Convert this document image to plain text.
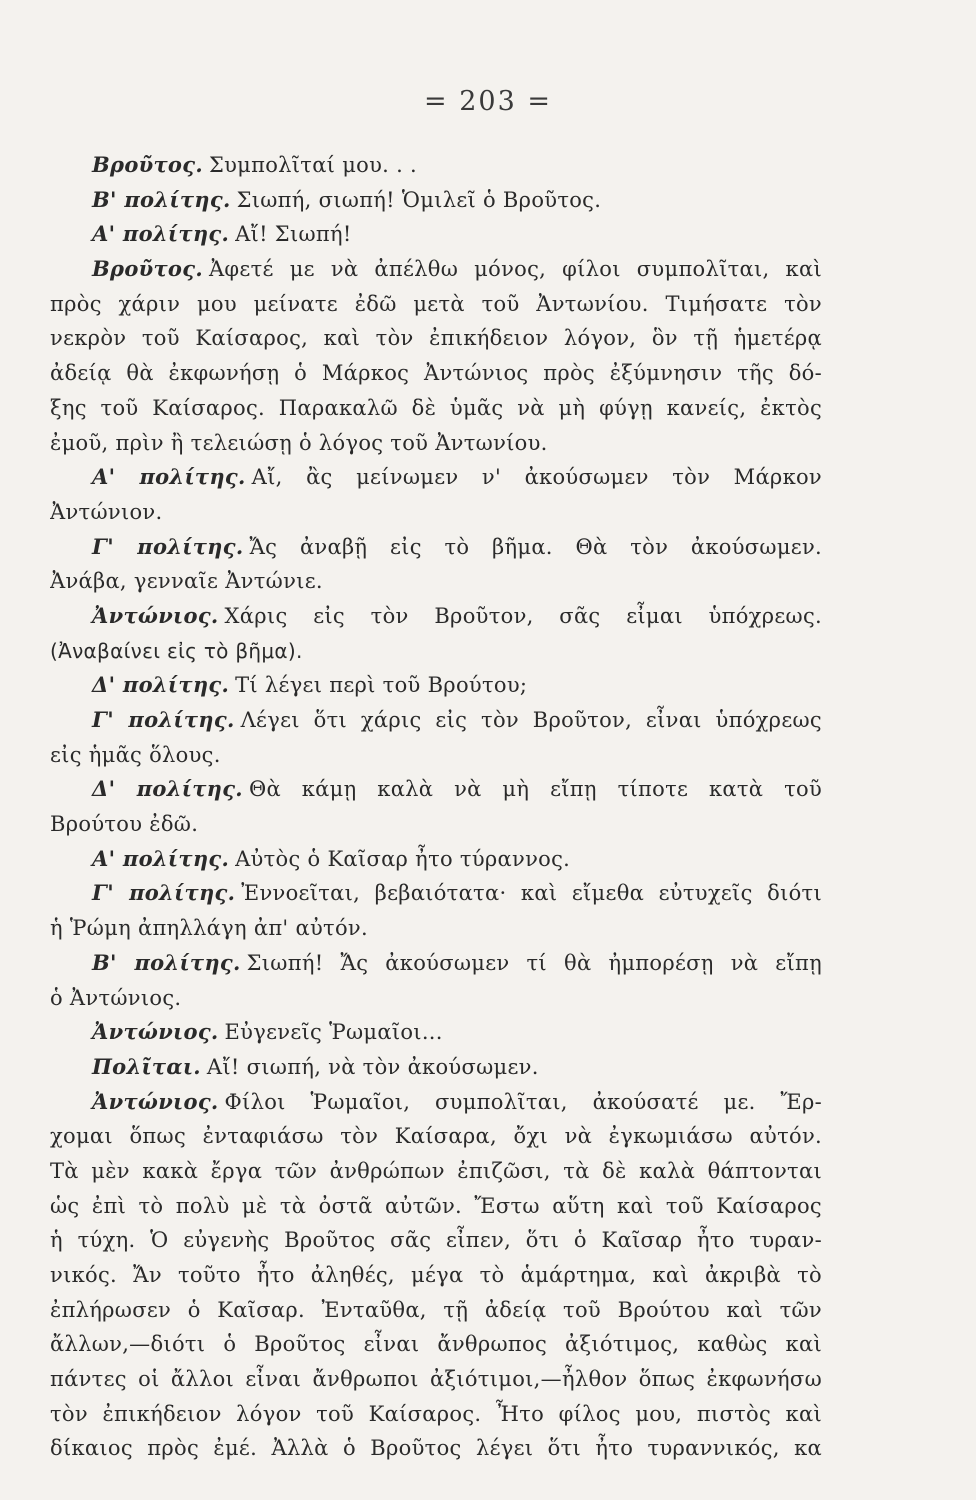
= 203 =
Βροῦτος. Συμπολῖταί μου. . .
Β' πολίτης. Σιωπή, σιωπή! Ὁμιλεῖ ὁ Βροῦτος.
Α' πολίτης. Αἴ! Σιωπή!
Βροῦτος. Ἀφετέ με νὰ ἀπέλθω μόνος, φίλοι συμπολῖται, καὶ
πρὸς χάριν μου μείνατε ἐδῶ μετὰ τοῦ Ἀντωνίου. Τιμήσατε τὸν
νεκρὸν τοῦ Καίσαρος, καὶ τὸν ἐπικήδειον λόγον, ὃν τῇ ἡμετέρᾳ
ἀδείᾳ θὰ ἐκφωνήσῃ ὁ Μάρκος Ἀντώνιος πρὸς ἐξύμνησιν τῆς δό-
ξης τοῦ Καίσαρος. Παρακαλῶ δὲ ὑμᾶς νὰ μὴ φύγῃ κανείς, ἐκτὸς
ἐμοῦ, πρὶν ἢ τελειώσῃ ὁ λόγος τοῦ Ἀντωνίου.
Α' πολίτης. Αἴ, ἂς μείνωμεν ν' ἀκούσωμεν τὸν Μάρκον
Ἀντώνιον.
Γ' πολίτης. Ἄς ἀναβῇ εἰς τὸ βῆμα. Θὰ τὸν ἀκούσωμεν.
Ἀνάβα, γενναῖε Ἀντώνιε.
Ἀντώνιος. Χάρις εἰς τὸν Βροῦτον, σᾶς εἶμαι ὑπόχρεως.
(Ἀναβαίνει εἰς τὸ βῆμα).
Δ' πολίτης. Τί λέγει περὶ τοῦ Βρούτου;
Γ' πολίτης. Λέγει ὅτι χάρις εἰς τὸν Βροῦτον, εἶναι ὑπόχρεως
εἰς ἡμᾶς ὅλους.
Δ' πολίτης. Θὰ κάμῃ καλὰ νὰ μὴ εἴπῃ τίποτε κατὰ τοῦ
Βρούτου ἐδῶ.
Α' πολίτης. Αὐτὸς ὁ Καῖσαρ ἦτο τύραννος.
Γ' πολίτης. Ἐννοεῖται, βεβαιότατα· καὶ εἴμεθα εὐτυχεῖς διότι
ἡ Ῥώμη ἀπηλλάγη ἀπ' αὐτόν.
Β' πολίτης. Σιωπή! Ἄς ἀκούσωμεν τί θὰ ἠμπορέσῃ νὰ εἴπῃ
ὁ Ἀντώνιος.
Ἀντώνιος. Εὐγενεῖς Ῥωμαῖοι...
Πολῖται. Αἴ! σιωπή, νὰ τὸν ἀκούσωμεν.
Ἀντώνιος. Φίλοι Ῥωμαῖοι, συμπολῖται, ἀκούσατέ με. Ἔρ-
χομαι ὅπως ἐνταφιάσω τὸν Καίσαρα, ὄχι νὰ ἐγκωμιάσω αὐτόν.
Τὰ μὲν κακὰ ἔργα τῶν ἀνθρώπων ἐπιζῶσι, τὰ δὲ καλὰ θάπτονται
ὡς ἐπὶ τὸ πολὺ μὲ τὰ ὀστᾶ αὐτῶν. Ἔστω αὕτη καὶ τοῦ Καίσαρος
ἡ τύχη. Ὁ εὐγενὴς Βροῦτος σᾶς εἶπεν, ὅτι ὁ Καῖσαρ ἦτο τυραν-
νικός. Ἄν τοῦτο ἦτο ἀληθές, μέγα τὸ ἁμάρτημα, καὶ ἀκριβὰ τὸ
ἐπλήρωσεν ὁ Καῖσαρ. Ἐνταῦθα, τῇ ἀδείᾳ τοῦ Βρούτου καὶ τῶν
ἄλλων,—διότι ὁ Βροῦτος εἶναι ἄνθρωπος ἀξιότιμος, καθὼς καὶ
πάντες οἱ ἄλλοι εἶναι ἄνθρωποι ἀξιότιμοι,—ἦλθον ὅπως ἐκφωνήσω
τὸν ἐπικήδειον λόγον τοῦ Καίσαρος. Ἦτο φίλος μου, πιστὸς καὶ
δίκαιος πρὸς ἐμέ. Ἀλλὰ ὁ Βροῦτος λέγει ὅτι ἦτο τυραννικός, κα
